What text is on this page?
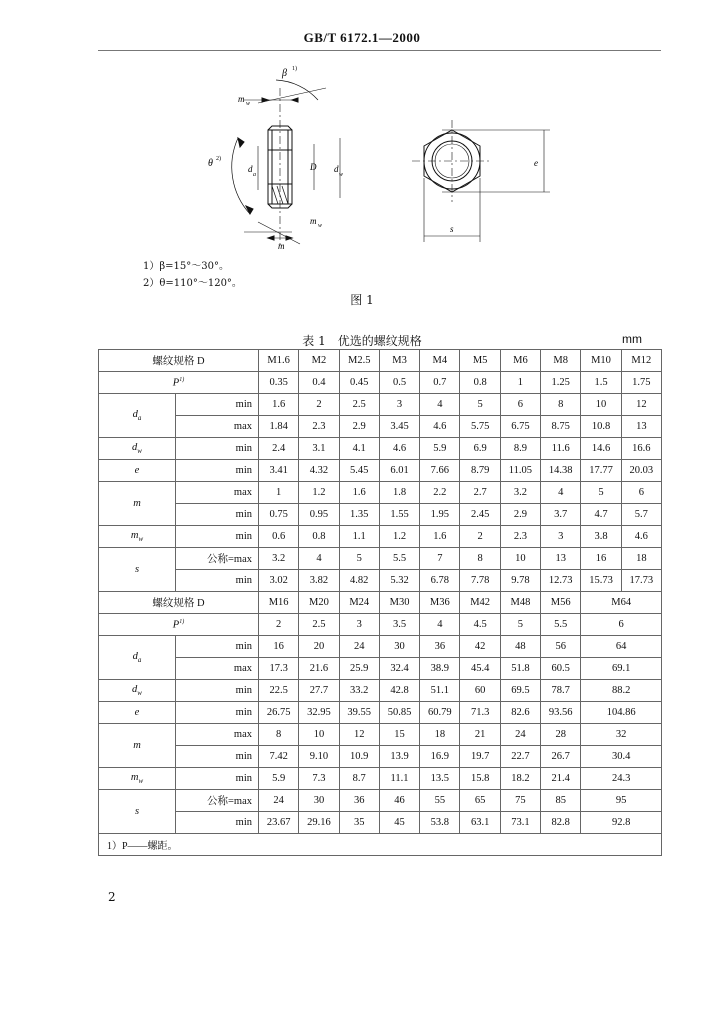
GB/T 6172.1—2000
β 1)
m w
θ 2)
d
a
D d
w
m w
m
e
s
1）β=15°～30°。
2）θ=110°～120°。
图 1
表 1　优选的螺纹规格	mm
螺纹规格 D		M1.6	M2	M2.5	M3	M4	M5	M6	M8	M10	M12
$P^{1)}$		0.35	0.4	0.45	0.5	0.7	0.8	1	1.25	1.5	1.75
$d_a$	min	1.6	2	2.5	3	4	5	6	8	10	12
	max	1.84	2.3	2.9	3.45	4.6	5.75	6.75	8.75	10.8	13
$d_w$	min	2.4	3.1	4.1	4.6	5.9	6.9	8.9	11.6	14.6	16.6
e	min	3.41	4.32	5.45	6.01	7.66	8.79	11.05	14.38	17.77	20.03
m	max	1	1.2	1.6	1.8	2.2	2.7	3.2	4	5	6
	min	0.75	0.95	1.35	1.55	1.95	2.45	2.9	3.7	4.7	5.7
$m_w$	min	0.6	0.8	1.1	1.2	1.6	2	2.3	3	3.8	4.6
s	公称=max	3.2	4	5	5.5	7	8	10	13	16	18
	min	3.02	3.82	4.82	5.32	6.78	7.78	9.78	12.73	15.73	17.73
螺纹规格 D		M16	M20	M24	M30	M36	M42	M48	M56	M64	
$P^{1)}$		2	2.5	3	3.5	4	4.5	5	5.5	6	
$d_a$	min	16	20	24	30	36	42	48	56	64	
	max	17.3	21.6	25.9	32.4	38.9	45.4	51.8	60.5	69.1	
$d_w$	min	22.5	27.7	33.2	42.8	51.1	60	69.5	78.7	88.2	
e	min	26.75	32.95	39.55	50.85	60.79	71.3	82.6	93.56	104.86	
m	max	8	10	12	15	18	21	24	28	32	
	min	7.42	9.10	10.9	13.9	16.9	19.7	22.7	26.7	30.4	
$m_w$	min	5.9	7.3	8.7	11.1	13.5	15.8	18.2	21.4	24.3	
s	公称=max	24	30	36	46	55	65	75	85	95	
	min	23.67	29.16	35	45	53.8	63.1	73.1	82.8	92.8	
1）P——螺距。											
2
